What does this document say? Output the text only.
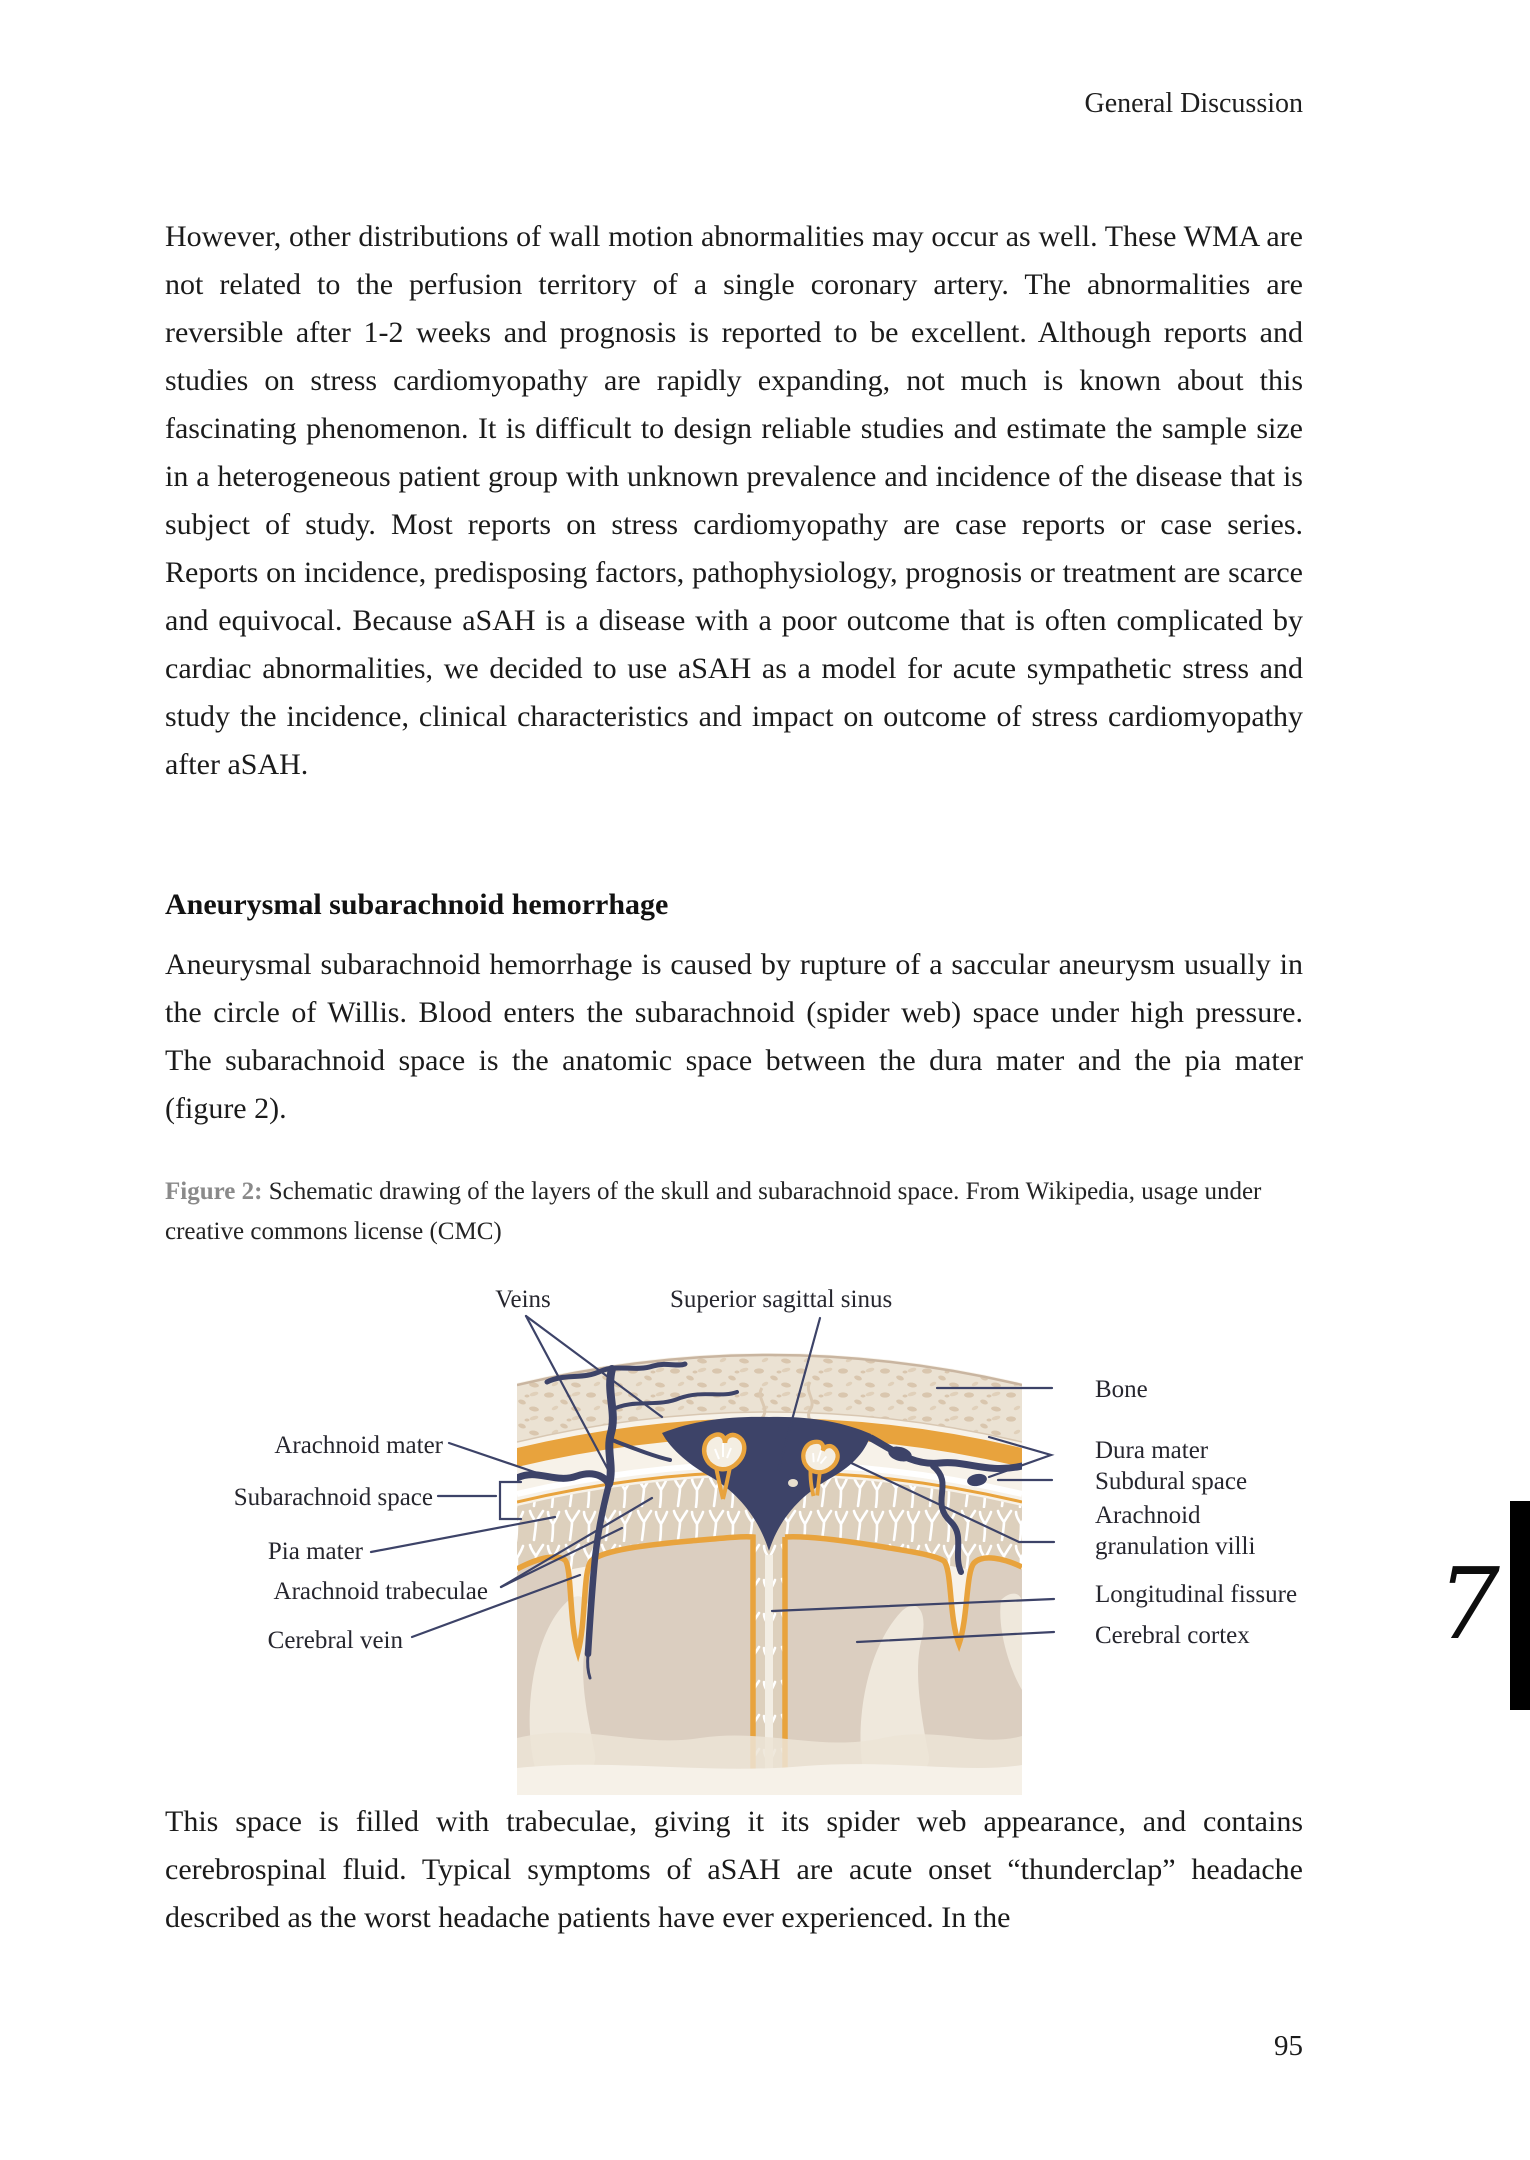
General Discussion
However, other distributions of wall motion abnormalities may occur as well. These WMA are not related to the perfusion territory of a single coronary artery. The abnormalities are reversible after 1-2 weeks and prognosis is reported to be excellent. Although reports and studies on stress cardiomyopathy are rapidly expanding, not much is known about this fascinating phenomenon. It is difficult to design reliable studies and estimate the sample size in a heterogeneous patient group with unknown prevalence and incidence of the disease that is subject of study. Most reports on stress cardiomyopathy are case reports or case series. Reports on incidence, predisposing factors, pathophysiology, prognosis or treatment are scarce and equivocal. Because aSAH is a disease with a poor outcome that is often complicated by cardiac abnormalities, we decided to use aSAH as a model for acute sympathetic stress and study the incidence, clinical characteristics and impact on outcome of stress cardiomyopathy after aSAH.
Aneurysmal subarachnoid hemorrhage
Aneurysmal subarachnoid hemorrhage is caused by rupture of a saccular aneurysm usually in the circle of Willis. Blood enters the subarachnoid (spider web) space under high pressure. The subarachnoid space is the anatomic space between the dura mater and the pia mater (figure 2).
Figure 2: Schematic drawing of the layers of the skull and subarachnoid space. From Wikipedia, usage under
creative commons license (CMC)
Veins	Superior sagittal sinus
Arachnoid mater
Subarachnoid space
Pia mater
Arachnoid trabeculae
Cerebral vein
Bone
Dura mater
Subdural space
Arachnoid granulation villi
Longitudinal fissure
Cerebral cortex
This space is filled with trabeculae, giving it its spider web appearance, and contains cerebrospinal fluid. Typical symptoms of aSAH are acute onset “thunderclap” headache described as the worst headache patients have ever experienced. In the
7
95
